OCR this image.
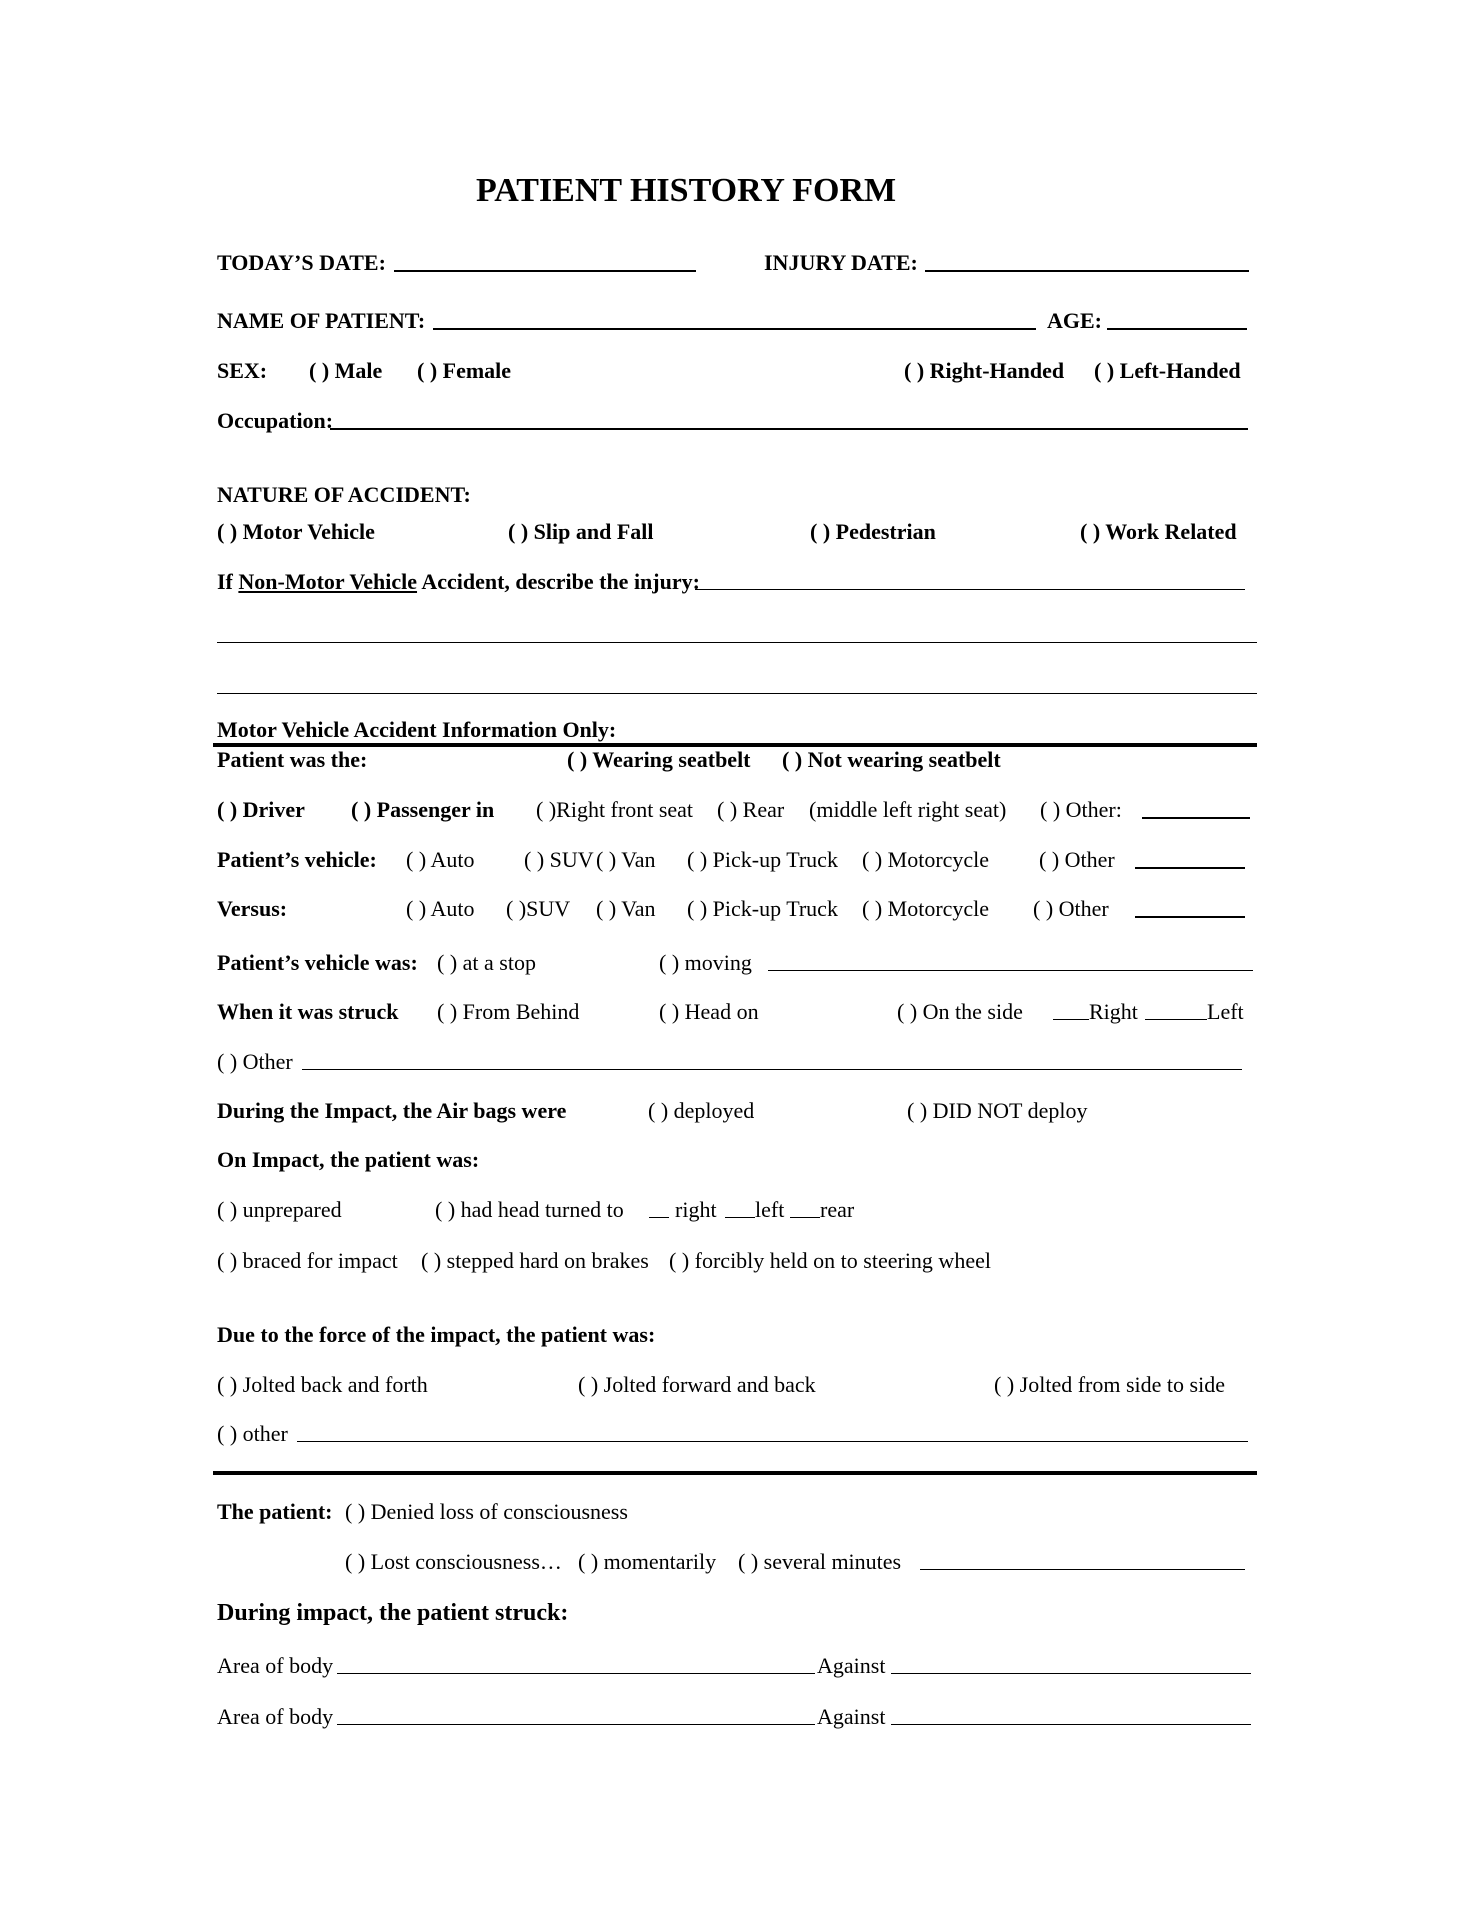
PATIENT HISTORY FORM
TODAY’S DATE:	INJURY DATE:
NAME OF PATIENT:	AGE:
SEX: ( ) Male ( ) Female	( ) Right-Handed ( ) Left-Handed
Occupation:
NATURE OF ACCIDENT:
( ) Motor Vehicle	( ) Slip and Fall	( ) Pedestrian	( ) Work Related
If Non-Motor Vehicle Accident, describe the injury:
Motor Vehicle Accident Information Only:
Patient was the:	( ) Wearing seatbelt ( ) Not wearing seatbelt
( ) Driver ( ) Passenger in ( )Right front seat ( ) Rear (middle left right seat) ( ) Other:
Patient’s vehicle: ( ) Auto ( ) SUV ( ) Van ( ) Pick-up Truck ( ) Motorcycle ( ) Other
Versus:	( ) Auto ( )SUV ( ) Van ( ) Pick-up Truck ( ) Motorcycle ( ) Other
Patient’s vehicle was: ( ) at a stop	( ) moving
When it was struck ( ) From Behind	( ) Head on	( ) On the side	Right	Left
( ) Other
During the Impact, the Air bags were	( ) deployed	( ) DID NOT deploy
On Impact, the patient was:
( ) unprepared	( ) had head turned to right left rear
( ) braced for impact ( ) stepped hard on brakes ( ) forcibly held on to steering wheel
Due to the force of the impact, the patient was:
( ) Jolted back and forth	( ) Jolted forward and back	( ) Jolted from side to side
( ) other
The patient: ( ) Denied loss of consciousness
( ) Lost consciousness… ( ) momentarily ( ) several minutes
During impact, the patient struck:
Area of body	Against
Area of body	Against
